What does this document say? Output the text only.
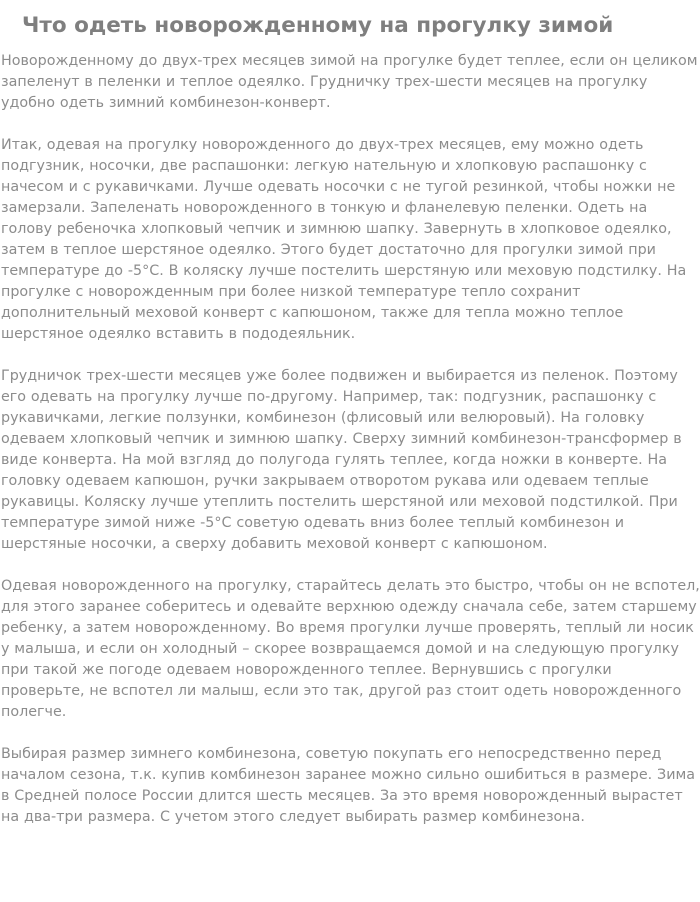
Что одеть новорожденному на прогулку зимой

Новорожденному до двух-трех месяцев зимой на прогулке будет теплее, если он целиком запеленут в пеленки и теплое одеялко. Грудничку трех-шести месяцев на прогулку удобно одеть зимний комбинезон-конверт.

Итак, одевая на прогулку новорожденного до двух-трех месяцев, ему можно одеть подгузник, носочки, две распашонки: легкую нательную и хлопковую распашонку с начесом и с рукавичками. Лучше одевать носочки с не тугой резинкой, чтобы ножки не замерзали. Запеленать новорожденного в тонкую и фланелевую пеленки. Одеть на голову ребеночка хлопковый чепчик и зимнюю шапку. Завернуть в хлопковое одеялко, затем в теплое шерстяное одеялко. Этого будет достаточно для прогулки зимой при температуре до -5°С. В коляску лучше постелить шерстяную или меховую подстилку. На прогулке с новорожденным при более низкой температуре тепло сохранит дополнительный меховой конверт с капюшоном, также для тепла можно теплое шерстяное одеялко вставить в пододеяльник.

Грудничок трех-шести месяцев уже более подвижен и выбирается из пеленок. Поэтому его одевать на прогулку лучше по-другому. Например, так: подгузник, распашонку с рукавичками, легкие ползунки, комбинезон (флисовый или велюровый). На головку одеваем хлопковый чепчик и зимнюю шапку. Сверху зимний комбинезон-трансформер в виде конверта. На мой взгляд до полугода гулять теплее, когда ножки в конверте. На головку одеваем капюшон, ручки закрываем отворотом рукава или одеваем теплые рукавицы. Коляску лучше утеплить постелить шерстяной или меховой подстилкой. При температуре зимой ниже -5°С советую одевать вниз более теплый комбинезон и шерстяные носочки, а сверху добавить меховой конверт с капюшоном.

Одевая новорожденного на прогулку, старайтесь делать это быстро, чтобы он не вспотел, для этого заранее соберитесь и одевайте верхнюю одежду сначала себе, затем старшему ребенку, а затем новорожденному. Во время прогулки лучше проверять, теплый ли носик у малыша, и если он холодный – скорее возвращаемся домой и на следующую прогулку при такой же погоде одеваем новорожденного теплее. Вернувшись с прогулки проверьте, не вспотел ли малыш, если это так, другой раз стоит одеть новорожденного полегче.

Выбирая размер зимнего комбинезона, советую покупать его непосредственно перед началом сезона, т.к. купив комбинезон заранее можно сильно ошибиться в размере. Зима в Средней полосе России длится шесть месяцев. За это время новорожденный вырастет на два-три размера. С учетом этого следует выбирать размер комбинезона.
